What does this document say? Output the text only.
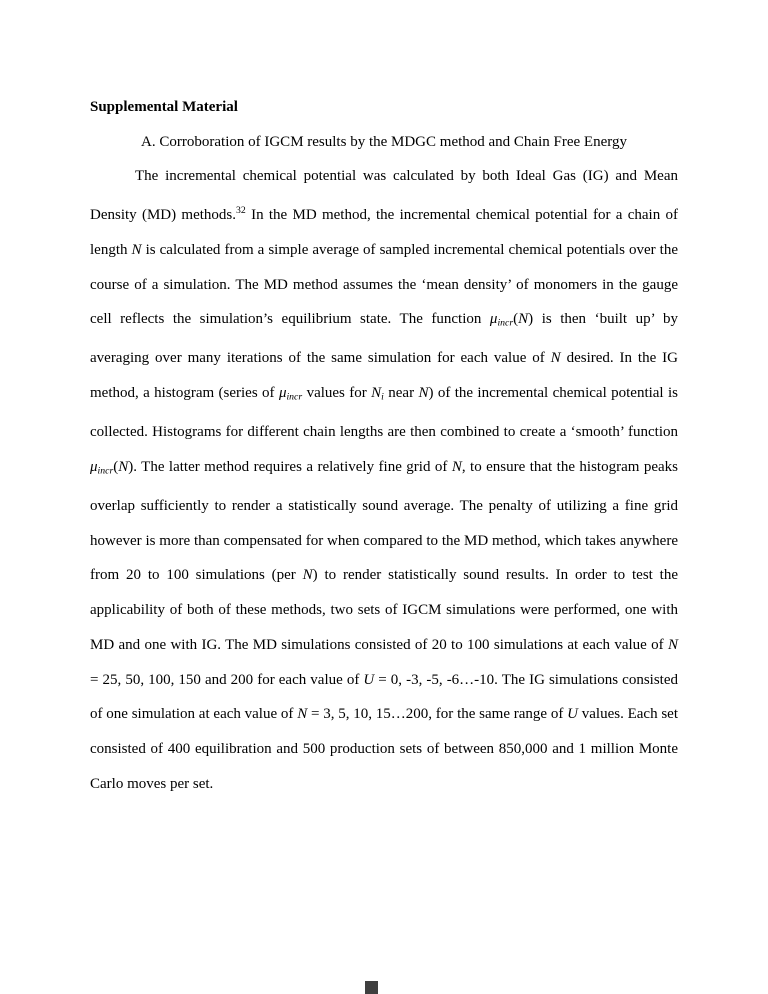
Supplemental Material
A. Corroboration of IGCM results by the MDGC method and Chain Free Energy
The incremental chemical potential was calculated by both Ideal Gas (IG) and Mean Density (MD) methods.$^{32}$ In the MD method, the incremental chemical potential for a chain of length N is calculated from a simple average of sampled incremental chemical potentials over the course of a simulation. The MD method assumes the ‘mean density’ of monomers in the gauge cell reflects the simulation’s equilibrium state. The function μincr(N) is then ‘built up’ by averaging over many iterations of the same simulation for each value of N desired. In the IG method, a histogram (series of μincr values for Ni near N) of the incremental chemical potential is collected. Histograms for different chain lengths are then combined to create a ‘smooth’ function μincr(N). The latter method requires a relatively fine grid of N, to ensure that the histogram peaks overlap sufficiently to render a statistically sound average. The penalty of utilizing a fine grid however is more than compensated for when compared to the MD method, which takes anywhere from 20 to 100 simulations (per N) to render statistically sound results. In order to test the applicability of both of these methods, two sets of IGCM simulations were performed, one with MD and one with IG. The MD simulations consisted of 20 to 100 simulations at each value of N = 25, 50, 100, 150 and 200 for each value of U = 0, -3, -5, -6…-10. The IG simulations consisted of one simulation at each value of N = 3, 5, 10, 15…200, for the same range of U values. Each set consisted of 400 equilibration and 500 production sets of between 850,000 and 1 million Monte Carlo moves per set.
